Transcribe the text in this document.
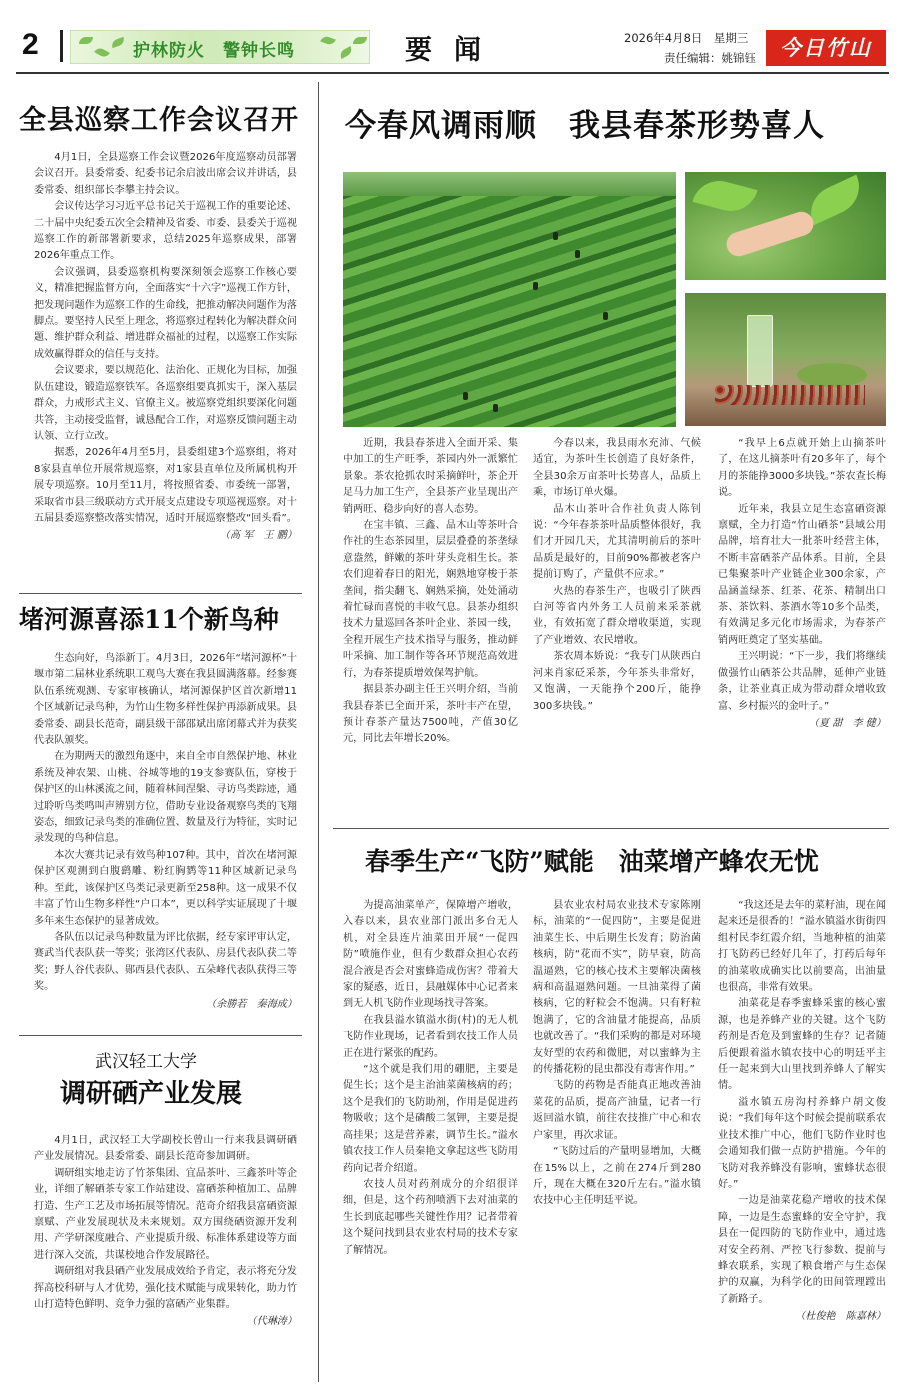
2	护林防火　警钟长鸣	要闻	2026年4月8日　星期三
责任编辑：姚锦钰	今日竹山
全县巡察工作会议召开

4月1日，全县巡察工作会议暨2026年度巡察动员部署会议召开。县委常委、纪委书记余启波出席会议并讲话，县委常委、组织部长李攀主持会议。

会议传达学习习近平总书记关于巡视工作的重要论述、二十届中央纪委五次全会精神及省委、市委、县委关于巡视巡察工作的新部署新要求，总结2025年巡察成果，部署2026年重点工作。

会议强调，县委巡察机构要深刻领会巡察工作核心要义，精准把握监督方向，全面落实“十六字”巡视工作方针，把发现问题作为巡察工作的生命线，把推动解决问题作为落脚点。要坚持人民至上理念，将巡察过程转化为解决群众问题、维护群众利益、增进群众福祉的过程，以巡察工作实际成效赢得群众的信任与支持。

会议要求，要以规范化、法治化、正规化为目标，加强队伍建设，锻造巡察铁军。各巡察组要真抓实干，深入基层群众，力戒形式主义、官僚主义。被巡察党组织要深化问题共答，主动接受监督，诚恳配合工作，对巡察反馈问题主动认领、立行立改。

据悉，2026年4月至5月，县委组建3个巡察组，将对8家县直单位开展常规巡察，对1家县直单位及所属机构开展专项巡察。10月至11月，将按照省委、市委统一部署，采取省市县三级联动方式开展支点建设专项巡视巡察。对十五届县委巡察整改落实情况，适时开展巡察整改“回头看”。

（高 军　王 鹏）
堵河源喜添11个新鸟种

生态向好，鸟添新丁。4月3日，2026年“堵河源杯”十堰市第二届林业系统职工观鸟大赛在我县圆满落幕。经参赛队伍系统观测、专家审核确认，堵河源保护区首次新增11个区域新记录鸟种，为竹山生物多样性保护再添新成果。县委常委、副县长范奇，副县级干部邵斌出席闭幕式并为获奖代表队颁奖。

在为期两天的激烈角逐中，来自全市自然保护地、林业系统及神农架、山桃、谷城等地的19支参赛队伍，穿梭于保护区的山林溪流之间，随着林间涅槃、寻访鸟类踪迹，通过聆听鸟类鸣叫声辨别方位，借助专业设备观察鸟类的飞翔姿态，细致记录鸟类的准确位置、数量及行为特征，实时记录发现的鸟种信息。

本次大赛共记录有效鸟种107种。其中，首次在堵河源保护区观测到白腹鹞雕、粉红胸鹨等11种区域新记录鸟种。至此，该保护区鸟类记录更新至258种。这一成果不仅丰富了竹山生物多样性“户口本”，更以科学实证展现了十堰多年来生态保护的显著成效。

各队伍以记录鸟种数量为评比依据，经专家评审认定，赛武当代表队获一等奖；张湾区代表队、房县代表队获二等奖；野人谷代表队、郧西县代表队、五朵峰代表队获得三等奖。

（余勝若　秦海成）
武汉轻工大学
调研硒产业发展

4月1日，武汉轻工大学副校长曾山一行来我县调研硒产业发展情况。县委常委、副县长范奇参加调研。

调研组实地走访了竹茶集团、宜品茶叶、三鑫茶叶等企业，详细了解硒茶专家工作站建设、富硒茶种植加工、品牌打造、生产工艺及市场拓展等情况。范奇介绍我县富硒资源禀赋、产业发展现状及未来规划。双方围绕硒资源开发利用、产学研深度融合、产业提质升级、标准体系建设等方面进行深入交流，共谋校地合作发展路径。

调研组对我县硒产业发展成效给予肯定，表示将充分发挥高校科研与人才优势，强化技术赋能与成果转化，助力竹山打造特色鲜明、竞争力强的富硒产业集群。

（代琳涛）
今春风调雨顺　我县春茶形势喜人

近期，我县春茶进入全面开采、集中加工的生产旺季，茶园内外一派繁忙景象。茶农抢抓农时采摘鲜叶，茶企开足马力加工生产，全县茶产业呈现出产销两旺、稳步向好的喜人态势。

在宝丰镇、三鑫、品木山等茶叶合作社的生态茶园里，层层叠叠的茶垄绿意盎然，鲜嫩的茶叶芽头竞相生长。茶农们迎着春日的阳光，娴熟地穿梭于茶垄间，指尖翻飞、娴熟采摘，处处涌动着忙碌而喜悦的丰收气息。县茶办组织技术力量巡回各茶叶企业、茶园一线，全程开展生产技术指导与服务，推动鲜叶采摘、加工制作等各环节规范高效进行，为春茶提质增效保驾护航。

据县茶办副主任王兴明介绍，当前我县春茶已全面开采，茶叶丰产在望，预计春茶产量达7500吨，产值30亿元，同比去年增长20%。

今春以来，我县雨水充沛、气候适宜，为茶叶生长创造了良好条件，全县30余万亩茶叶长势喜人，品质上乘，市场订单火爆。

品木山茶叶合作社负责人陈钊说：“今年春茶茶叶品质整体很好，我们才开园几天，尤其清明前后的茶叶品质是最好的，目前90%都被老客户提前订购了，产量供不应求。”

火热的春茶生产，也吸引了陕西白河等省内外务工人员前来采茶就业，有效拓宽了群众增收渠道，实现了产业增效、农民增收。

茶农周本娇说：“我专门从陕西白河来肖家砭采茶，今年茶头非常好，又饱满，一天能挣个200斤，能挣300多块钱。”

“我早上6点就开始上山摘茶叶了，在这儿摘茶叶有20多年了，每个月的茶能挣3000多块钱。”茶农查长梅说。

近年来，我县立足生态富硒资源禀赋，全力打造“竹山硒茶”县域公用品牌，培育壮大一批茶叶经营主体，不断丰富硒茶产品体系。目前，全县已集聚茶叶产业链企业300余家，产品涵盖绿茶、红茶、花茶、精制出口茶、茶饮料、茶酒水等10多个品类，有效满足多元化市场需求，为春茶产销两旺奠定了坚实基础。

王兴明说：“下一步，我们将继续做强竹山硒茶公共品牌，延伸产业链条，让茶业真正成为带动群众增收致富、乡村振兴的金叶子。”

（夏 甜　李 健）
春季生产“飞防”赋能　油菜增产蜂农无忧

为提高油菜单产，保障增产增收，入春以来，县农业部门派出多台无人机，对全县连片油菜田开展“一促四防”喷施作业，但有少数群众担心农药混合液是否会对蜜蜂造成伤害？带着大家的疑惑，近日，县融媒体中心记者来到无人机飞防作业现场找寻答案。

在我县溢水镇溢水街(村)的无人机飞防作业现场，记者看到农技工作人员正在进行紧张的配药。

“这个就是我们用的硼肥，主要是促生长；这个是主治油菜菌核病的药；这个是我们的飞防助剂，作用是促进药物吸收；这个是磷酸二氢钾，主要是提高挂果；这是营养素，调节生长。”溢水镇农技工作人员秦艳文拿起这些飞防用药向记者介绍道。

农技人员对药剂成分的介绍很详细，但是，这个药剂喷洒下去对油菜的生长到底起哪些关键性作用？记者带着这个疑问找到县农业农村局的技术专家了解情况。

县农业农村局农业技术专家陈刚标，油菜的“一促四防”，主要是促进油菜生长、中后期生长发育；防治菌核病，防“花而不实”，防早衰，防高温逼熟，它的核心技术主要解决菌核病和高温逼熟问题。一旦油菜得了菌核病，它的籽粒会不饱满。只有籽粒饱满了，它的含油量才能提高，品质也就改善了。“我们采购的都是对环境友好型的农药和微肥，对以蜜蜂为主的传播花粉的昆虫都没有毒害作用。”

飞防的药物是否能真正地改善油菜花的品质，提高产油量，记者一行返回溢水镇，前往农技推广中心和农户家里，再次求证。

“飞防过后的产量明显增加，大概在15%以上，之前在274斤到280斤，现在大概在320斤左右。”溢水镇农技中心主任明廷平说。

“我这还是去年的菜籽油，现在闻起来还是很香的！”溢水镇溢水街街四组村民李红霞介绍，当地种植的油菜打飞防药已经好几年了，打药后每年的油菜收成确实比以前要高，出油量也很高，非常有效果。

油菜花是春季蜜蜂采蜜的核心蜜源，也是养蜂产业的关键。这个飞防药剂是否危及到蜜蜂的生存？记者随后便跟着溢水镇农技中心的明廷平主任一起来到大山里找到养蜂人了解实情。

溢水镇五房沟村养蜂户胡文俊说：“我们每年这个时候会提前联系农业技术推广中心，他们飞防作业时也会通知我们做一点防护措施。今年的飞防对我养蜂没有影响，蜜蜂状态很好。”

一边是油菜花稳产增收的技术保障，一边是生态蜜蜂的安全守护，我县在一促四防的飞防作业中，通过选对安全药剂、严控飞行参数、提前与蜂农联系，实现了粮食增产与生态保护的双赢，为科学化的田间管理蹚出了新路子。

（杜俊艳　陈嘉林）
